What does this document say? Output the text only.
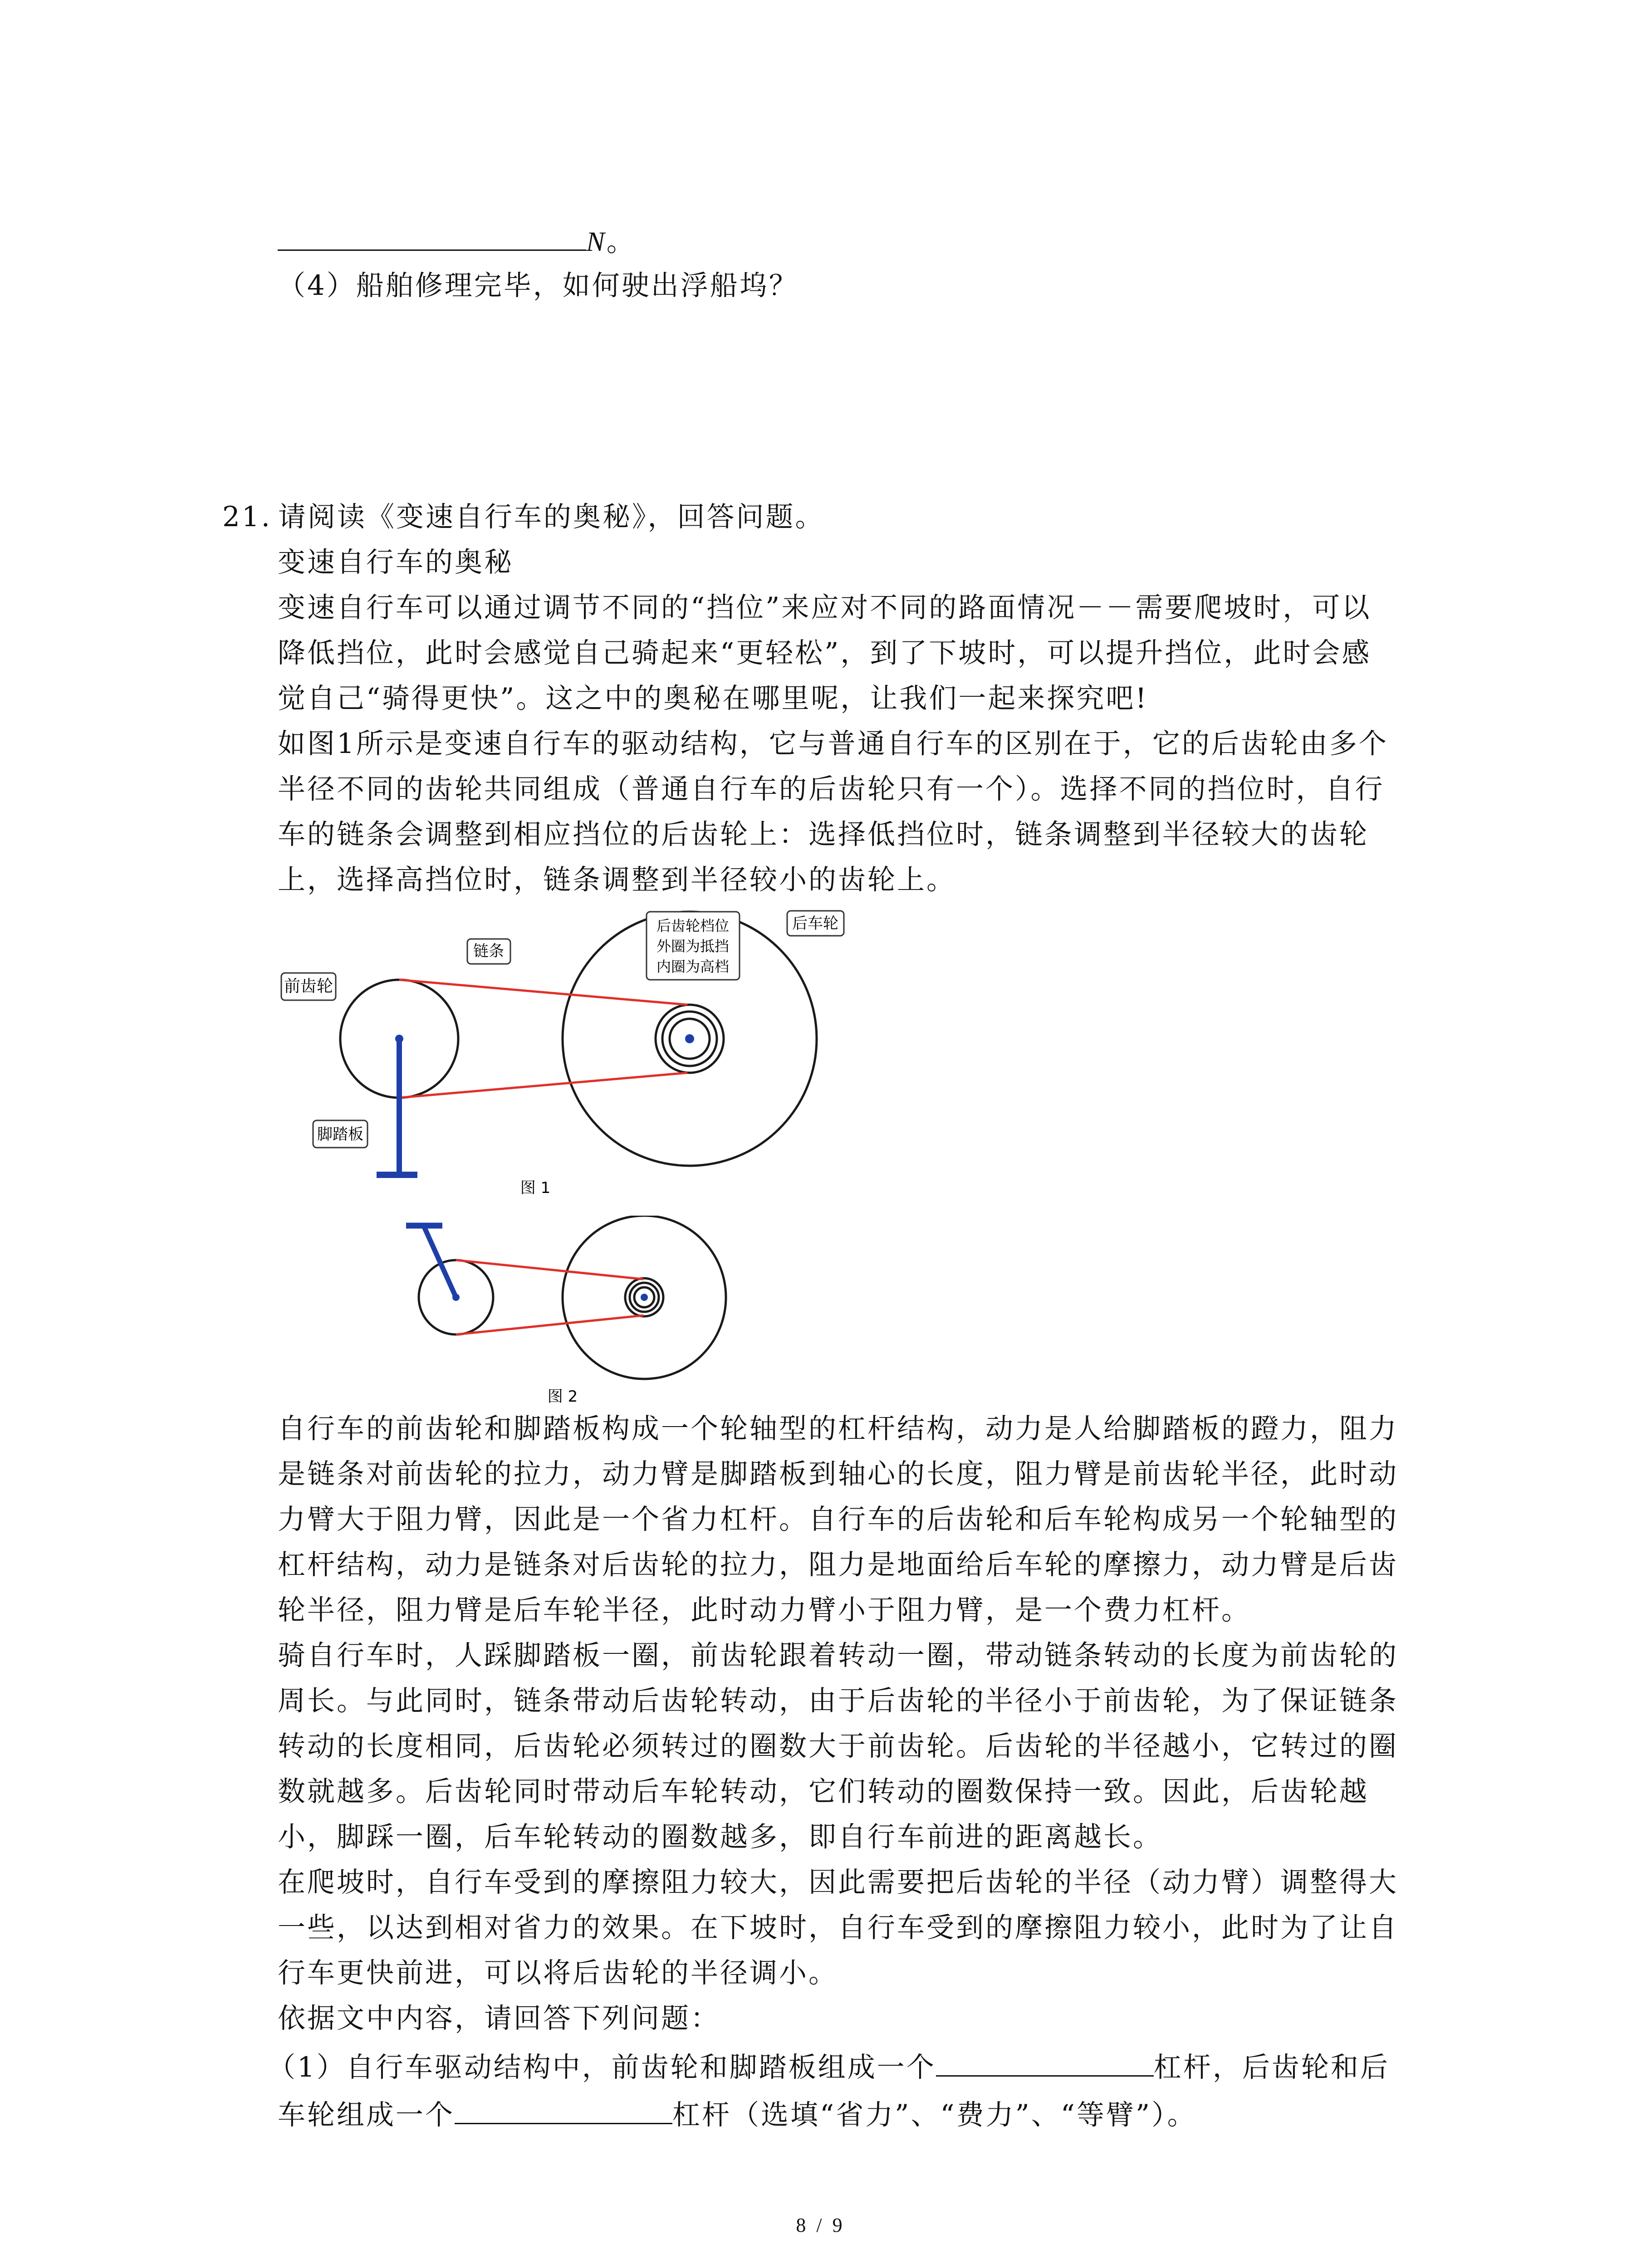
N。
（4）船舶修理完毕，如何驶出浮船坞？
21. 请阅读《变速自行车的奥秘》，回答问题。
变速自行车的奥秘
变速自行车可以通过调节不同的“挡位”来应对不同的路面情况－－需要爬坡时，可以
降低挡位，此时会感觉自己骑起来“更轻松”，到了下坡时，可以提升挡位，此时会感
觉自己“骑得更快”。这之中的奥秘在哪里呢，让我们一起来探究吧!
如图1所示是变速自行车的驱动结构，它与普通自行车的区别在于，它的后齿轮由多个
半径不同的齿轮共同组成（普通自行车的后齿轮只有一个）。选择不同的挡位时，自行
车的链条会调整到相应挡位的后齿轮上：选择低挡位时，链条调整到半径较大的齿轮
上，选择高挡位时，链条调整到半径较小的齿轮上。
前齿轮
链条
后齿轮档位
外圈为抵挡
内圈为高档
后车轮
脚踏板
图 1
图 2
自行车的前齿轮和脚踏板构成一个轮轴型的杠杆结构，动力是人给脚踏板的蹬力，阻力
是链条对前齿轮的拉力，动力臂是脚踏板到轴心的长度，阻力臂是前齿轮半径，此时动
力臂大于阻力臂，因此是一个省力杠杆。自行车的后齿轮和后车轮构成另一个轮轴型的
杠杆结构，动力是链条对后齿轮的拉力，阻力是地面给后车轮的摩擦力，动力臂是后齿
轮半径，阻力臂是后车轮半径，此时动力臂小于阻力臂，是一个费力杠杆。
骑自行车时，人踩脚踏板一圈，前齿轮跟着转动一圈，带动链条转动的长度为前齿轮的
周长。与此同时，链条带动后齿轮转动，由于后齿轮的半径小于前齿轮，为了保证链条
转动的长度相同，后齿轮必须转过的圈数大于前齿轮。后齿轮的半径越小，它转过的圈
数就越多。后齿轮同时带动后车轮转动，它们转动的圈数保持一致。因此，后齿轮越
小，脚踩一圈，后车轮转动的圈数越多，即自行车前进的距离越长。
在爬坡时，自行车受到的摩擦阻力较大，因此需要把后齿轮的半径（动力臂）调整得大
一些，以达到相对省力的效果。在下坡时，自行车受到的摩擦阻力较小，此时为了让自
行车更快前进，可以将后齿轮的半径调小。
依据文中内容，请回答下列问题：
（1）自行车驱动结构中，前齿轮和脚踏板组成一个	杠杆，后齿轮和后
车轮组成一个	杠杆（选填“省力”、“费力”、“等臂”）。
8 / 9
